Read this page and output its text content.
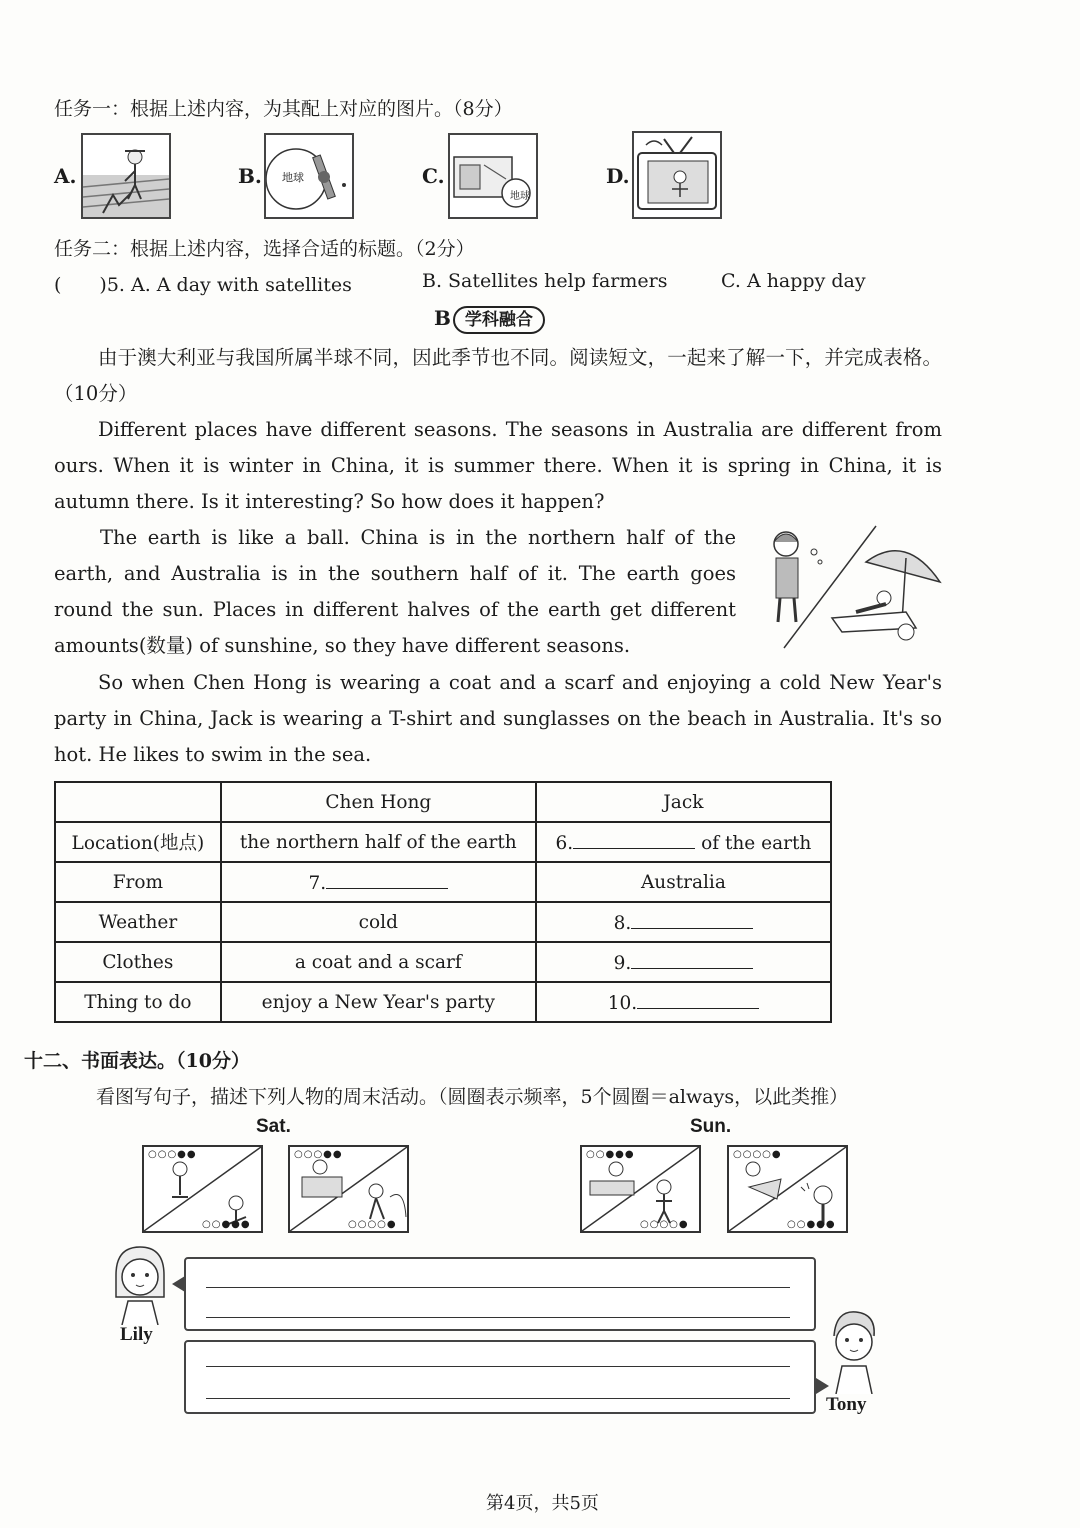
任务一：根据上述内容，为其配上对应的图片。（8分）
A.	B. 地球	C.
地球
D.
任务二：根据上述内容，选择合适的标题。（2分）
(　　)5. A. A day with satellites	B. Satellites help farmers	C. A happy day
B 学科融合

由于澳大利亚与我国所属半球不同，因此季节也不同。阅读短文，一起来了解一下，并完成表格。（10分）

Different places have different seasons. The seasons in Australia are different from ours. When it is winter in China, it is summer there. When it is spring in China, it is autumn there. Is it interesting? So how does it happen?

The earth is like a ball. China is in the northern half of the earth, and Australia is in the southern half of it. The earth goes round the sun. Places in different halves of the earth get different amounts(数量) of sunshine, so they have different seasons.

So when Chen Hong is wearing a coat and a scarf and enjoying a cold New Year's party in China, Jack is wearing a T-shirt and sunglasses on the beach in Australia. It's so hot. He likes to swim in the sea.

	Chen Hong	Jack
Location(地点)	the northern half of the earth	6. of the earth
From	7.	Australia
Weather	cold	8.
Clothes	a coat and a scarf	9.
Thing to do	enjoy a New Year's party	10.
十二、书面表达。（10分）
看图写句子，描述下列人物的周末活动。（圆圈表示频率，5个圆圈＝always，以此类推）
Sat.	Sun.
○○○●●
○○●●●
○○○●●
○○○○●
○○●●●
○○○○●
○○○○●
○○●●●
Lily
Tony
第4页，共5页
